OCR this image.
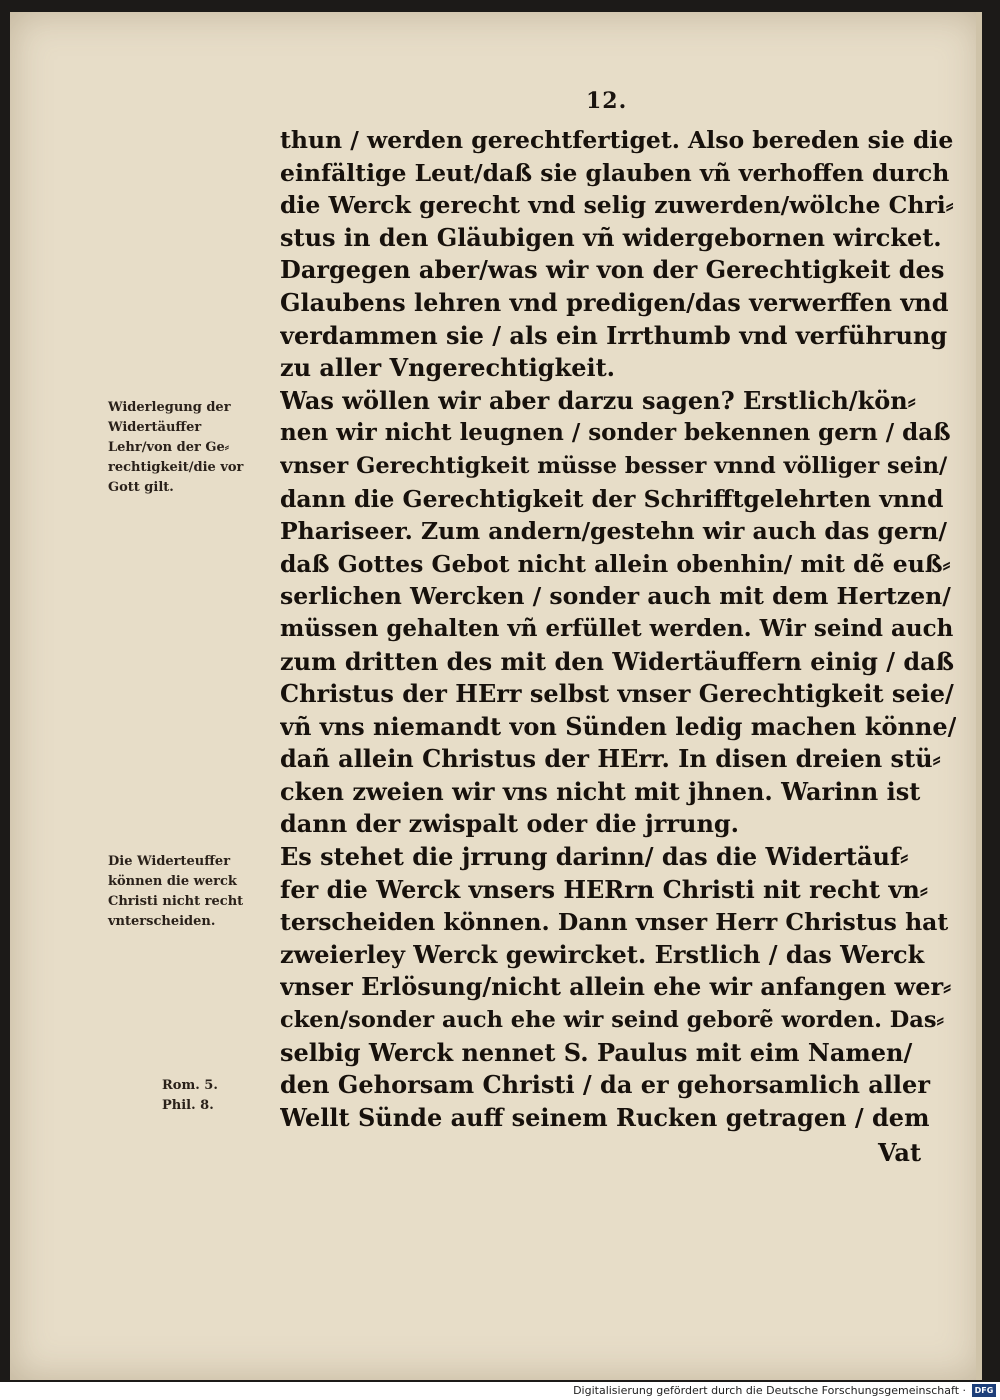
12.
thun / werden gerechtfertiget. Also bereden sie die
einfältige Leut/daß sie glauben vñ verhoffen durch
die Werck gerecht vnd selig zuwerden/wölche Chri⸗
stus in den Gläubigen vñ widergebornen wircket.
Dargegen aber/was wir von der Gerechtigkeit des
Glaubens lehren vnd predigen/das verwerffen vnd
verdammen sie / als ein Irrthumb vnd verführung
zu aller Vngerechtigkeit.
Was wöllen wir aber darzu sagen? Erstlich/kön⸗
nen wir nicht leugnen / sonder bekennen gern / daß
vnser Gerechtigkeit müsse besser vnnd völliger sein/
dann die Gerechtigkeit der Schrifftgelehrten vnnd
Phariseer. Zum andern/gestehn wir auch das gern/
daß Gottes Gebot nicht allein obenhin/ mit dẽ euß⸗
serlichen Wercken / sonder auch mit dem Hertzen/
müssen gehalten vñ erfüllet werden. Wir seind auch
zum dritten des mit den Widertäuffern einig / daß
Christus der HErr selbst vnser Gerechtigkeit seie/
vñ vns niemandt von Sünden ledig machen könne/
dañ allein Christus der HErr. In disen dreien stü⸗
cken zweien wir vns nicht mit jhnen. Warinn ist
dann der zwispalt oder die jrrung.
Es stehet die jrrung darinn/ das die Widertäuf⸗
fer die Werck vnsers HERrn Christi nit recht vn⸗
terscheiden können. Dann vnser Herr Christus hat
zweierley Werck gewircket. Erstlich / das Werck
vnser Erlösung/nicht allein ehe wir anfangen wer⸗
cken/sonder auch ehe wir seind geborẽ worden. Das⸗
selbig Werck nennet S. Paulus mit eim Namen/
den Gehorsam Christi / da er gehorsamlich aller
Wellt Sünde auff seinem Rucken getragen / dem
Widerlegung der
Widertäuffer
Lehr/von der Ge⸗
rechtigkeit/die vor
Gott gilt.
Die Widerteuffer
können die werck
Christi nicht recht
vnterscheiden.
Rom. 5.
Phil. 8.
Vat
Digitalisierung gefördert durch die Deutsche Forschungsgemeinschaft ·	DFG
